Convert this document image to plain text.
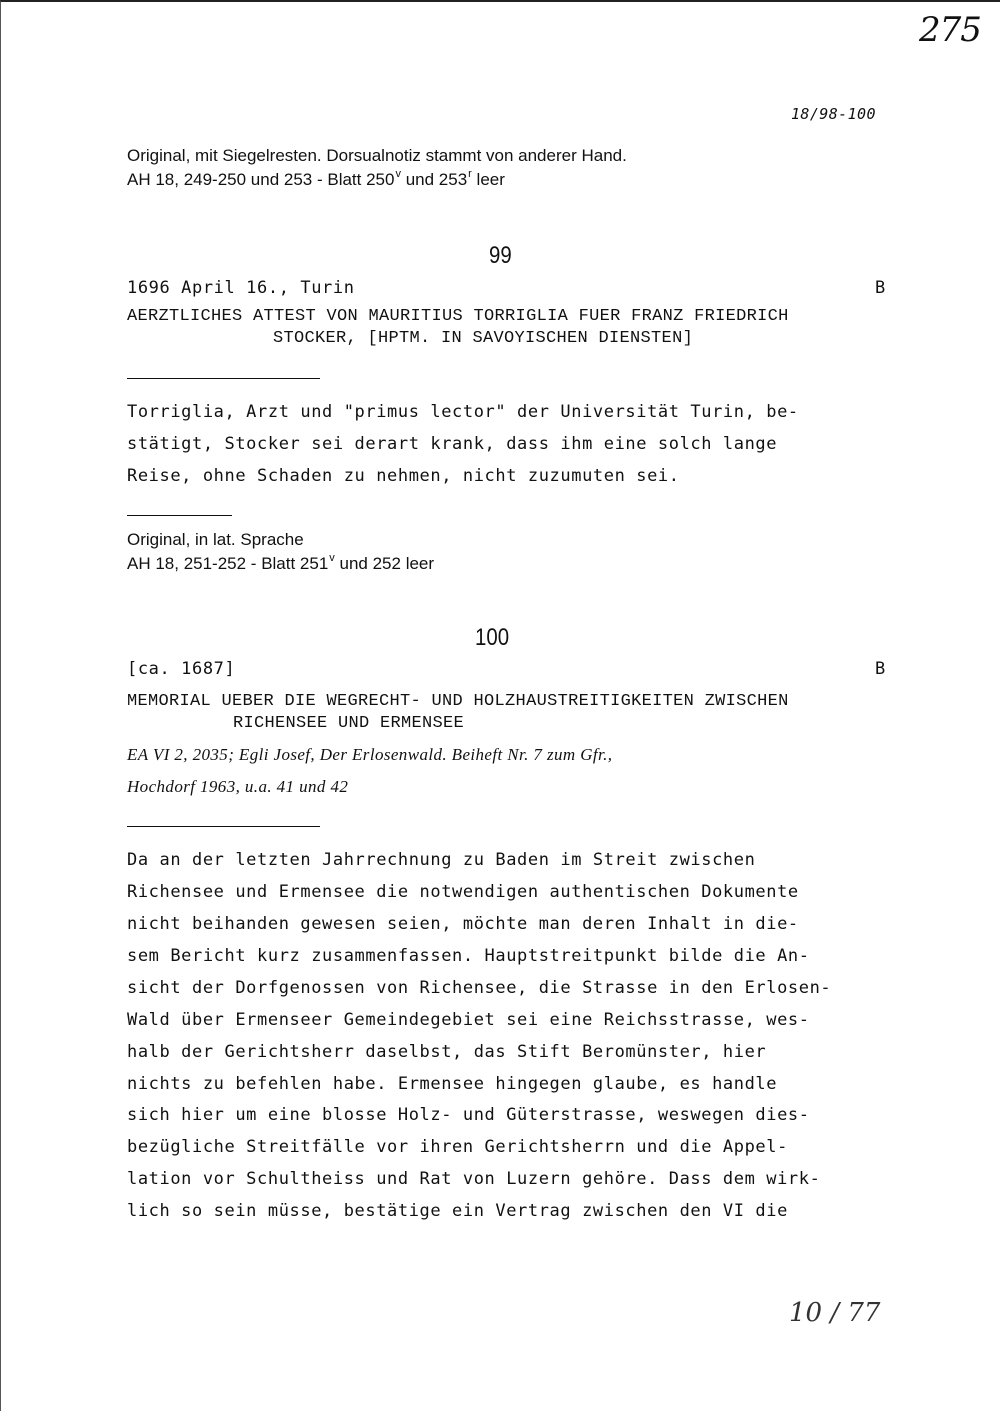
275
18/98-100
Original, mit Siegelresten. Dorsualnotiz stammt von anderer Hand.
AH 18, 249-250 und 253 - Blatt 250$^v$ und 253$^r$ leer
99
1696 April 16., Turin	B
AERZTLICHES ATTEST VON MAURITIUS TORRIGLIA FUER FRANZ FRIEDRICH
STOCKER, [HPTM. IN SAVOYISCHEN DIENSTEN]
Torriglia, Arzt und "primus lector" der Universität Turin, be-
stätigt, Stocker sei derart krank, dass ihm eine solch lange
Reise, ohne Schaden zu nehmen, nicht zuzumuten sei.
Original, in lat. Sprache
AH 18, 251-252 - Blatt 251$^v$ und 252 leer
100
[ca. 1687]	B
MEMORIAL UEBER DIE WEGRECHT- UND HOLZHAUSTREITIGKEITEN ZWISCHEN
RICHENSEE UND ERMENSEE
EA VI 2, 2035; Egli Josef, Der Erlosenwald. Beiheft Nr. 7 zum Gfr.,
Hochdorf 1963, u.a. 41 und 42
Da an der letzten Jahrrechnung zu Baden im Streit zwischen
Richensee und Ermensee die notwendigen authentischen Dokumente
nicht beihanden gewesen seien, möchte man deren Inhalt in die-
sem Bericht kurz zusammenfassen. Hauptstreitpunkt bilde die An-
sicht der Dorfgenossen von Richensee, die Strasse in den Erlosen-
Wald über Ermenseer Gemeindegebiet sei eine Reichsstrasse, wes-
halb der Gerichtsherr daselbst, das Stift Beromünster, hier
nichts zu befehlen habe. Ermensee hingegen glaube, es handle
sich hier um eine blosse Holz- und Güterstrasse, weswegen dies-
bezügliche Streitfälle vor ihren Gerichtsherrn und die Appel-
lation vor Schultheiss und Rat von Luzern gehöre. Dass dem wirk-
lich so sein müsse, bestätige ein Vertrag zwischen den VI die
10 / 77
